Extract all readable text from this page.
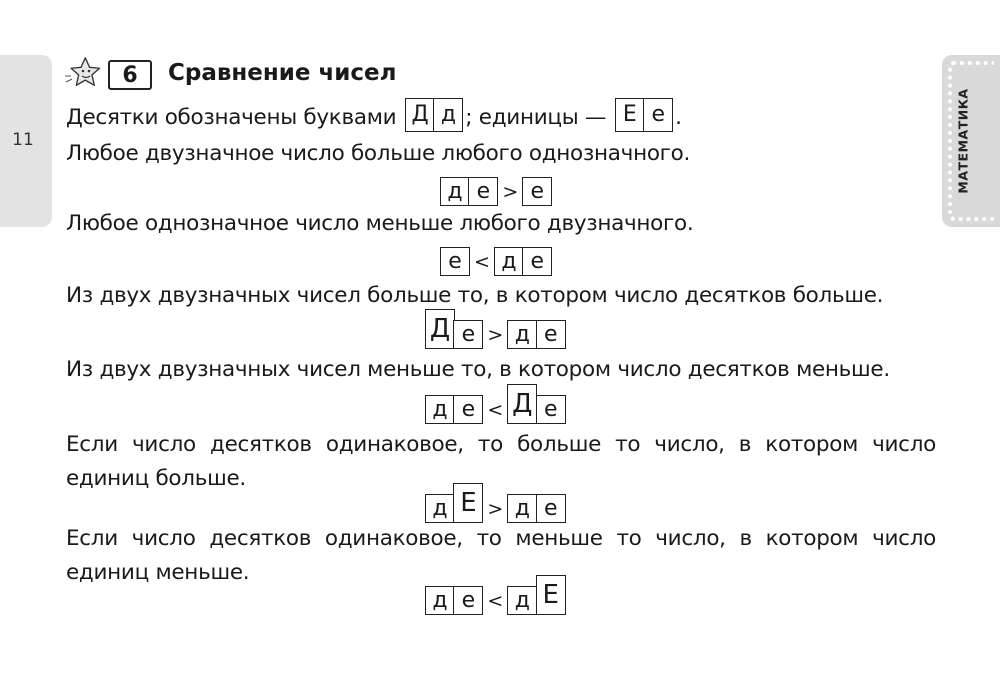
11	МАТЕМАТИКА
6	Сравнение чисел
Десятки обозначены буквами Д д ; единицы — Е е .
Любое двузначное число больше любого однозначного.
д е > е
Любое однозначное число меньше любого двузначного.
е < д е
Из двух двузначных чисел больше то, в котором число десятков больше.
Д е > д е
Из двух двузначных чисел меньше то, в котором число десятков меньше.
д е < Д е
Если число десятков одинаковое, то больше то число, в котором число единиц больше.
д Е > д е
Если число десятков одинаковое, то меньше то число, в котором число единиц меньше.
д е < д Е
